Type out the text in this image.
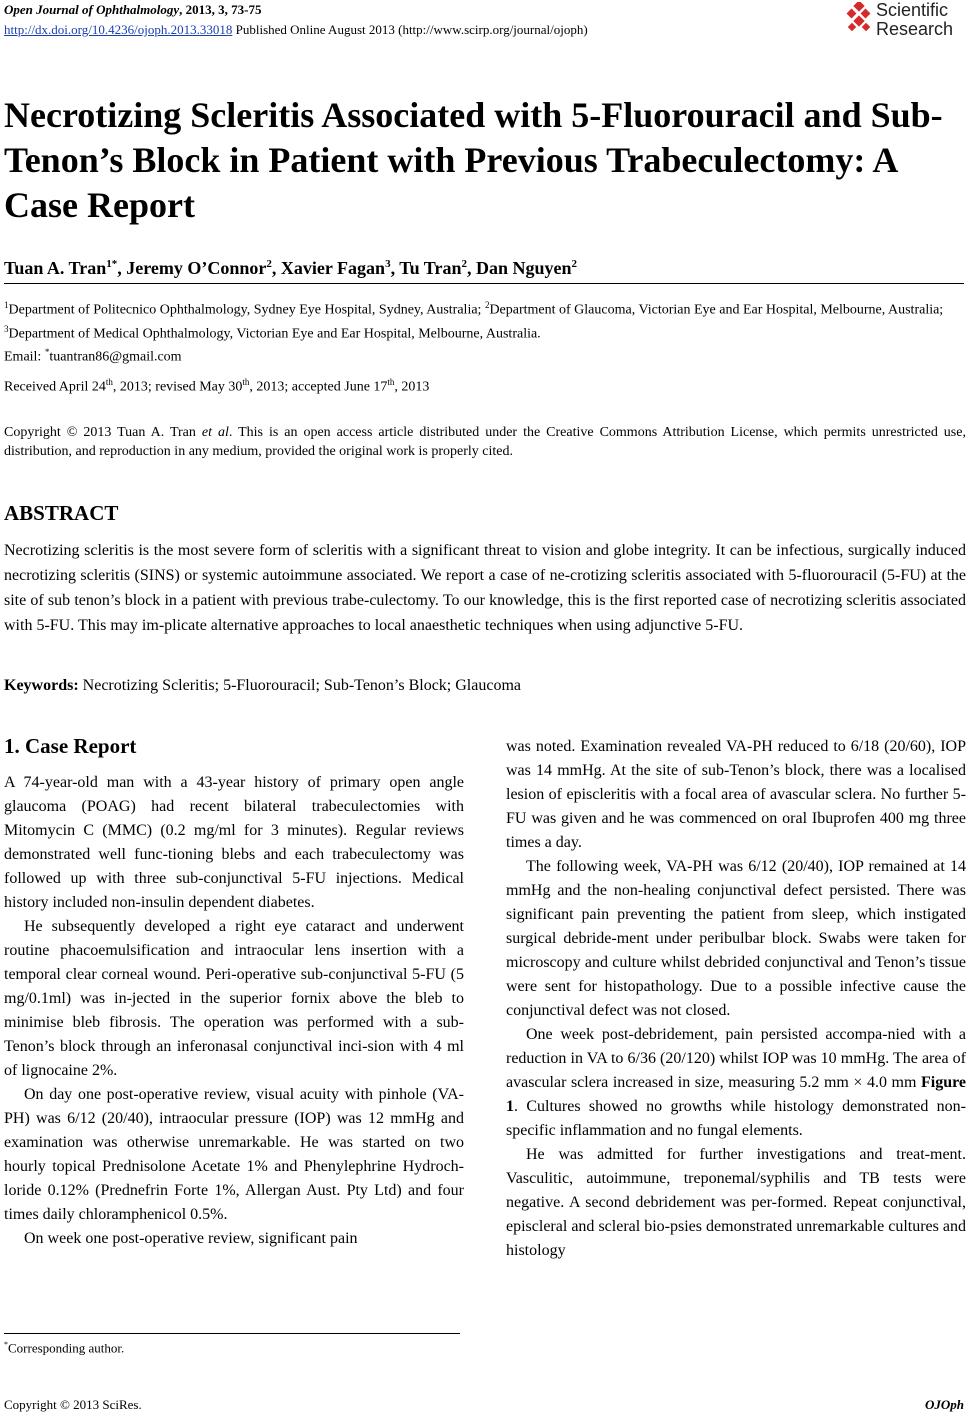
Open Journal of Ophthalmology, 2013, 3, 73-75
http://dx.doi.org/10.4236/ojoph.2013.33018 Published Online August 2013 (http://www.scirp.org/journal/ojoph)
Scientific
Research
Necrotizing Scleritis Associated with 5-Fluorouracil and Sub-Tenon’s Block in Patient with Previous Trabeculectomy: A Case Report
Tuan A. Tran$^{1*}$, Jeremy O’Connor$^2$, Xavier Fagan$^3$, Tu Tran$^2$, Dan Nguyen$^2$
$^1$Department of Politecnico Ophthalmology, Sydney Eye Hospital, Sydney, Australia; $^2$Department of Glaucoma, Victorian Eye and Ear Hospital, Melbourne, Australia; $^3$Department of Medical Ophthalmology, Victorian Eye and Ear Hospital, Melbourne, Australia.
Email: *tuantran86@gmail.com
Received April 24th, 2013; revised May 30th, 2013; accepted June 17th, 2013
Copyright © 2013 Tuan A. Tran et al. This is an open access article distributed under the Creative Commons Attribution License, which permits unrestricted use, distribution, and reproduction in any medium, provided the original work is properly cited.
ABSTRACT
Necrotizing scleritis is the most severe form of scleritis with a significant threat to vision and globe integrity. It can be infectious, surgically induced necrotizing scleritis (SINS) or systemic autoimmune associated. We report a case of ne-crotizing scleritis associated with 5-fluorouracil (5-FU) at the site of sub tenon’s block in a patient with previous trabe-culectomy. To our knowledge, this is the first reported case of necrotizing scleritis associated with 5-FU. This may im-plicate alternative approaches to local anaesthetic techniques when using adjunctive 5-FU.
Keywords: Necrotizing Scleritis; 5-Fluorouracil; Sub-Tenon’s Block; Glaucoma
1. Case Report

A 74-year-old man with a 43-year history of primary open angle glaucoma (POAG) had recent bilateral trabeculectomies with Mitomycin C (MMC) (0.2 mg/ml for 3 minutes). Regular reviews demonstrated well func-tioning blebs and each trabeculectomy was followed up with three sub-conjunctival 5-FU injections. Medical history included non-insulin dependent diabetes.

He subsequently developed a right eye cataract and underwent routine phacoemulsification and intraocular lens insertion with a temporal clear corneal wound. Peri-operative sub-conjunctival 5-FU (5 mg/0.1ml) was in-jected in the superior fornix above the bleb to minimise bleb fibrosis. The operation was performed with a sub-Tenon’s block through an inferonasal conjunctival inci-sion with 4 ml of lignocaine 2%.

On day one post-operative review, visual acuity with pinhole (VA-PH) was 6/12 (20/40), intraocular pressure (IOP) was 12 mmHg and examination was otherwise unremarkable. He was started on two hourly topical Prednisolone Acetate 1% and Phenylephrine Hydroch-loride 0.12% (Prednefrin Forte 1%, Allergan Aust. Pty Ltd) and four times daily chloramphenicol 0.5%.

On week one post-operative review, significant pain

was noted. Examination revealed VA-PH reduced to 6/18 (20/60), IOP was 14 mmHg. At the site of sub-Tenon’s block, there was a localised lesion of episcleritis with a focal area of avascular sclera. No further 5-FU was given and he was commenced on oral Ibuprofen 400 mg three times a day.

The following week, VA-PH was 6/12 (20/40), IOP remained at 14 mmHg and the non-healing conjunctival defect persisted. There was significant pain preventing the patient from sleep, which instigated surgical debride-ment under peribulbar block. Swabs were taken for microscopy and culture whilst debrided conjunctival and Tenon’s tissue were sent for histopathology. Due to a possible infective cause the conjunctival defect was not closed.

One week post-debridement, pain persisted accompa-nied with a reduction in VA to 6/36 (20/120) whilst IOP was 10 mmHg. The area of avascular sclera increased in size, measuring 5.2 mm × 4.0 mm Figure 1. Cultures showed no growths while histology demonstrated non-specific inflammation and no fungal elements.

He was admitted for further investigations and treat-ment. Vasculitic, autoimmune, treponemal/syphilis and TB tests were negative. A second debridement was per-formed. Repeat conjunctival, episcleral and scleral bio-psies demonstrated unremarkable cultures and histology

*Corresponding author.
Copyright © 2013 SciRes.	OJOph
